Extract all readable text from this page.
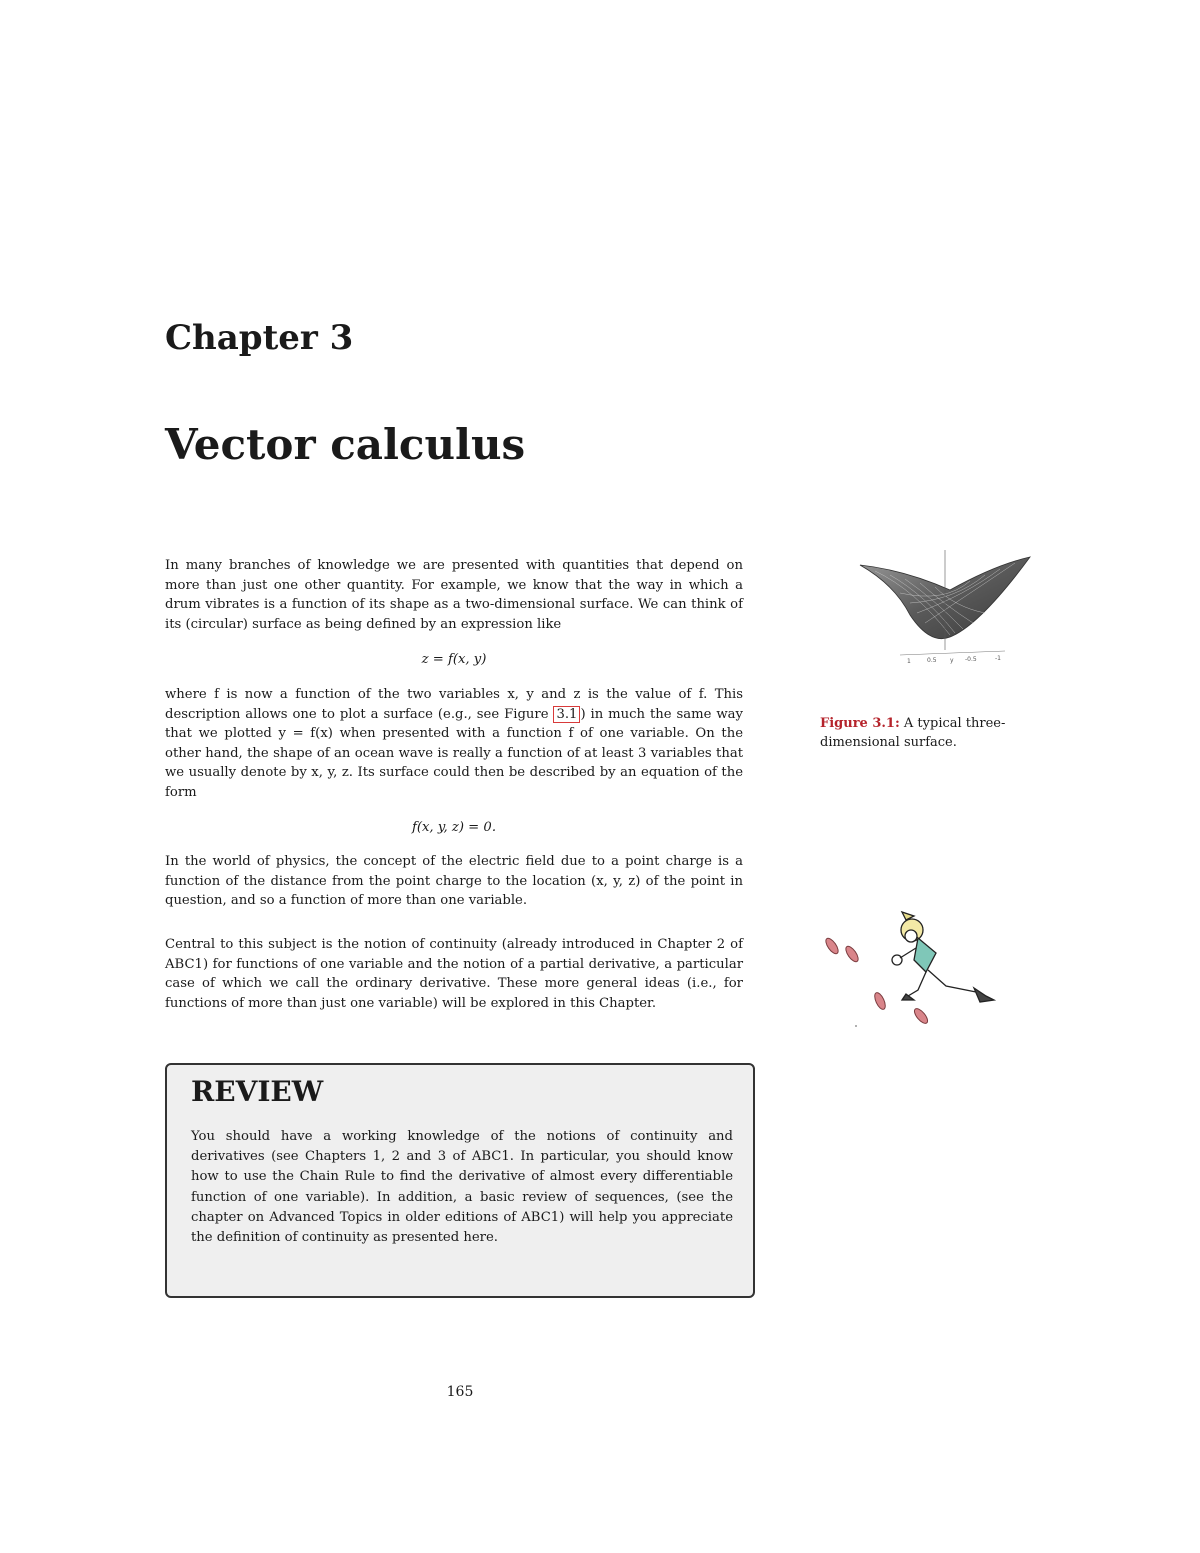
Chapter 3
Vector calculus

In many branches of knowledge we are presented with quantities that depend on more than just one other quantity. For example, we know that the way in which a drum vibrates is a function of its shape as a two-dimensional surface. We can think of its (circular) surface as being defined by an expression like

z = f(x, y)

where f is now a function of the two variables x, y and z is the value of f. This description allows one to plot a surface (e.g., see Figure 3.1 ) in much the same way that we plotted y = f(x) when presented with a function f of one variable. On the other hand, the shape of an ocean wave is really a function of at least 3 variables that we usually denote by x, y, z. Its surface could then be described by an equation of the form

f(x, y, z) = 0.

In the world of physics, the concept of the electric field due to a point charge is a function of the distance from the point charge to the location (x, y, z) of the point in question, and so a function of more than one variable.

Central to this subject is the notion of continuity (already introduced in Chapter 2 of ABC1) for functions of one variable and the notion of a partial derivative, a particular case of which we call the ordinary derivative. These more general ideas (i.e., for functions of more than just one variable) will be explored in this Chapter.

REVIEW

You should have a working knowledge of the notions of continuity and derivatives (see Chapters 1, 2 and 3 of ABC1. In particular, you should know how to use the Chain Rule to find the derivative of almost every differentiable function of one variable). In addition, a basic review of sequences, (see the chapter on Advanced Topics in older editions of ABC1) will help you appreciate the definition of continuity as presented here.

1	0.5 y -0.5	-1

Figure 3.1: A typical three-dimensional surface.

165
